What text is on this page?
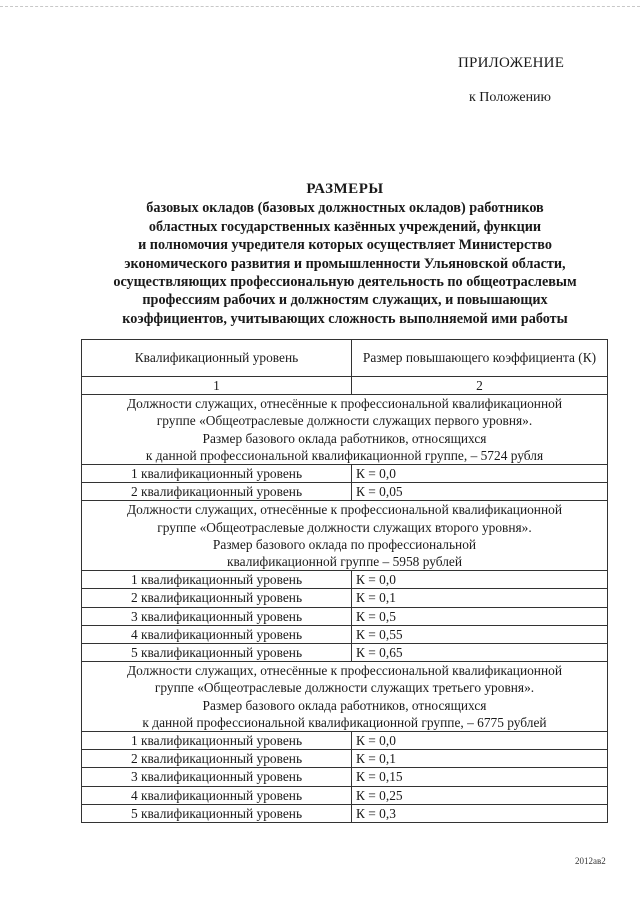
ПРИЛОЖЕНИЕ
к Положению
РАЗМЕРЫ
базовых окладов (базовых должностных окладов) работников
областных государственных казённых учреждений, функции
и полномочия учредителя которых осуществляет Министерство
экономического развития и промышленности Ульяновской области,
осуществляющих профессиональную деятельность по общеотраслевым
профессиям рабочих и должностям служащих, и повышающих
коэффициентов, учитывающих сложность выполняемой ими работы
Квалификационный уровень	Размер повышающего коэффициента (К)
1	2

Должности служащих, отнесённые к профессиональной квалификационной
группе «Общеотраслевые должности служащих первого уровня».
Размер базового оклада работников, относящихся
к данной профессиональной квалификационной группе, – 5724 рубля	

1 квалификационный уровень	К = 0,0
2 квалификационный уровень	К = 0,05

Должности служащих, отнесённые к профессиональной квалификационной
группе «Общеотраслевые должности служащих второго уровня».
Размер базового оклада по профессиональной
квалификационной группе – 5958 рублей	

1 квалификационный уровень	К = 0,0
2 квалификационный уровень	К = 0,1
3 квалификационный уровень	К = 0,5
4 квалификационный уровень	К = 0,55
5 квалификационный уровень	К = 0,65

Должности служащих, отнесённые к профессиональной квалификационной
группе «Общеотраслевые должности служащих третьего уровня».
Размер базового оклада работников, относящихся
к данной профессиональной квалификационной группе, – 6775 рублей	

1 квалификационный уровень	К = 0,0
2 квалификационный уровень	К = 0,1
3 квалификационный уровень	К = 0,15
4 квалификационный уровень	К = 0,25
5 квалификационный уровень	К = 0,3
2012ав2
